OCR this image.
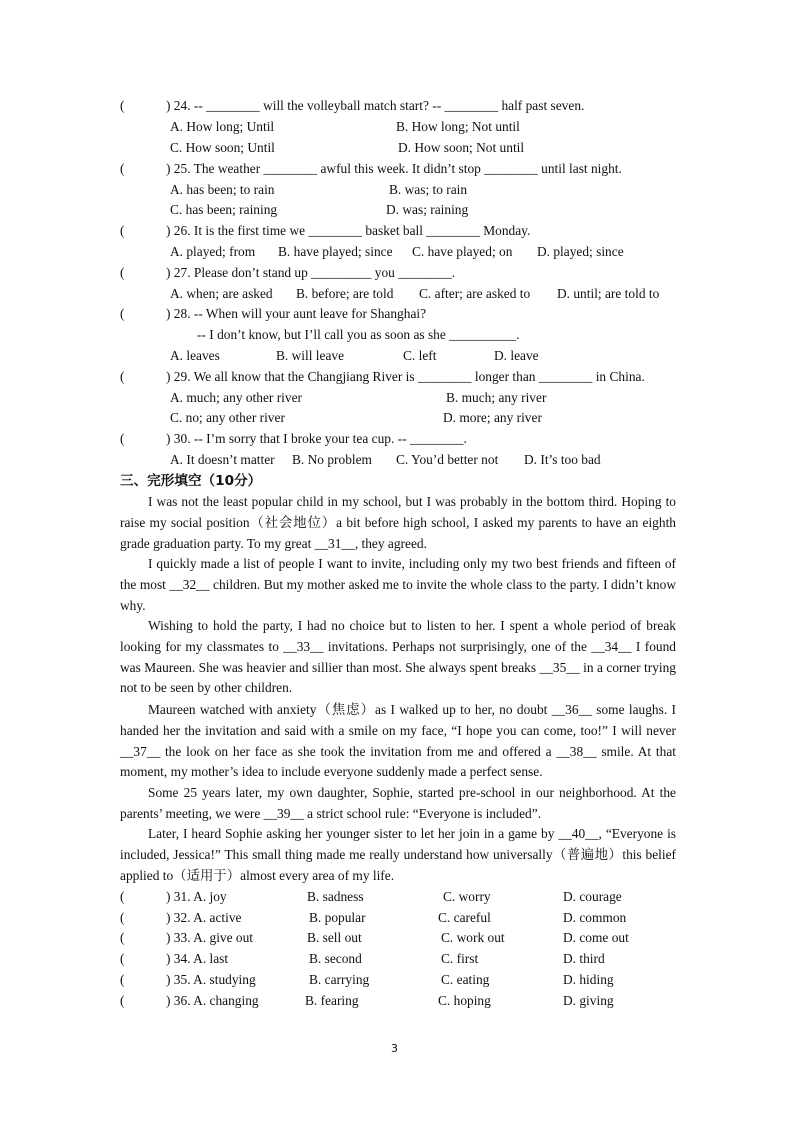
(	) 24. -- ________ will the volleyball match start? -- ________ half past seven.
A. How long; Until	B. How long; Not until
C. How soon; Until	D. How soon; Not until
(	) 25. The weather ________ awful this week. It didn’t stop ________ until last night.
A. has been; to rain	B. was; to rain
C. has been; raining	D. was; raining
(	) 26. It is the first time we ________ basket ball ________ Monday.
A. played; from B. have played; since C. have played; on D. played; since
(	) 27. Please don’t stand up _________ you ________.
A. when; are asked B. before; are told C. after; are asked to D. until; are told to
(	) 28. -- When will your aunt leave for Shanghai?
-- I don’t know, but I’ll call you as soon as she __________.
A. leaves	B. will leave	C. left	D. leave
(	) 29. We all know that the Changjiang River is ________ longer than ________ in China.
A. much; any other river	B. much; any river
C. no; any other river	D. more; any river
(	) 30. -- I’m sorry that I broke your tea cup. -- ________.
A. It doesn’t matter B. No problem C. You’d better not D. It’s too bad
三、完形填空（10分）
I was not the least popular child in my school, but I was probably in the bottom third. Hoping to raise my social position（社会地位）a bit before high school, I asked my parents to have an eighth grade graduation party. To my great __31__, they agreed.
I quickly made a list of people I want to invite, including only my two best friends and fifteen of the most __32__ children. But my mother asked me to invite the whole class to the party. I didn’t know why.
Wishing to hold the party, I had no choice but to listen to her. I spent a whole period of break looking for my classmates to __33__ invitations. Perhaps not surprisingly, one of the __34__ I found was Maureen. She was heavier and sillier than most. She always spent breaks __35__ in a corner trying not to be seen by other children.
Maureen watched with anxiety（焦虑）as I walked up to her, no doubt __36__ some laughs. I handed her the invitation and said with a smile on my face, “I hope you can come, too!” I will never __37__ the look on her face as she took the invitation from me and offered a __38__ smile. At that moment, my mother’s idea to include everyone suddenly made a perfect sense.
Some 25 years later, my own daughter, Sophie, started pre-school in our neighborhood. At the parents’ meeting, we were __39__ a strict school rule: “Everyone is included”.
Later, I heard Sophie asking her younger sister to let her join in a game by __40__, “Everyone is included, Jessica!” This small thing made me really understand how universally（普遍地）this belief applied to（适用于）almost every area of my life.
(	) 31. A. joy	B. sadness	C. worry	D. courage
(	) 32. A. active	B. popular	C. careful	D. common
(	) 33. A. give out	B. sell out	C. work out	D. come out
(	) 34. A. last	B. second	C. first	D. third
(	) 35. A. studying	B. carrying	C. eating	D. hiding
(	) 36. A. changing	B. fearing	C. hoping	D. giving
3
